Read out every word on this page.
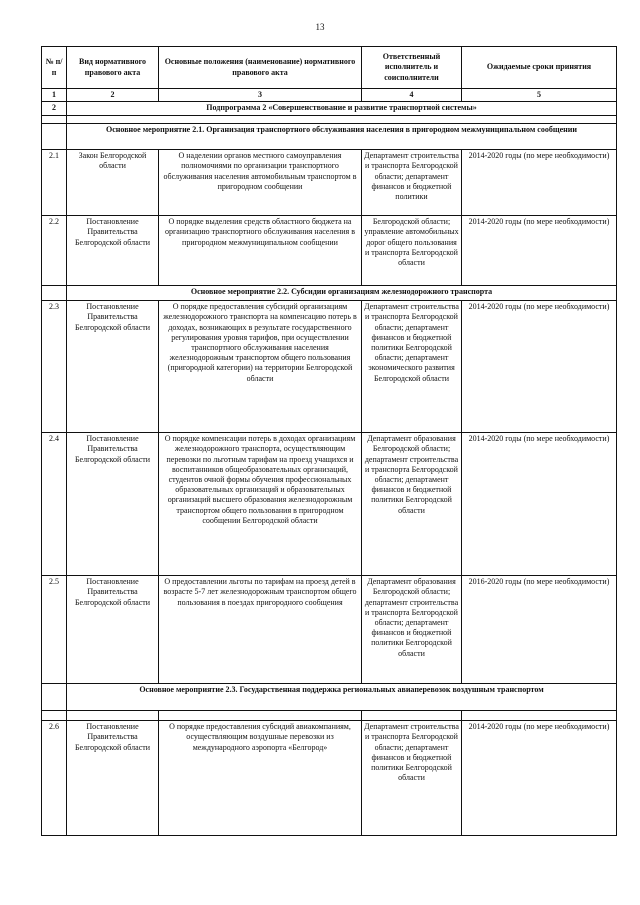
13
№ п/п	Вид нормативного правового акта	Основные положения (наименование) нормативного правового акта	Ответственный исполнитель и соисполнители	Ожидаемые сроки принятия
1	2	3	4	5
2	Подпрограмма 2 «Совершенствование и развитие транспортной системы»			

	Основное мероприятие 2.1. Организация транспортного обслуживания населения в пригородном межмуниципальном сообщении			
2.1	Закон Белгородской области	О наделении органов местного самоуправления полномочиями по организации транспортного обслуживания населения автомобильным транспортом в пригородном сообщении	Департамент строительства и транспорта Белгородской области; департамент финансов и бюджетной политики	2014-2020 годы (по мере необходимости)
2.2	Постановление Правительства Белгородской области	О порядке выделения средств областного бюджета на организацию транспортного обслуживания населения в пригородном межмуниципальном сообщении	Белгородской области; управление автомобильных дорог общего пользования и транспорта Белгородской области	2014-2020 годы (по мере необходимости)
	Основное мероприятие 2.2. Субсидии организациям железнодорожного транспорта			
2.3	Постановление Правительства Белгородской области	О порядке предоставления субсидий организациям железнодорожного транспорта на компенсацию потерь в доходах, возникающих в результате государственного регулирования уровня тарифов, при осуществлении транспортного обслуживания населения железнодорожным транспортом общего пользования (пригородной категории) на территории Белгородской области	Департамент строительства и транспорта Белгородской области; департамент финансов и бюджетной политики Белгородской области; департамент экономического развития Белгородской области	2014-2020 годы (по мере необходимости)
2.4	Постановление Правительства Белгородской области	О порядке компенсации потерь в доходах организациям железнодорожного транспорта, осуществляющим перевозки по льготным тарифам на проезд учащихся и воспитанников общеобразовательных организаций, студентов очной формы обучения профессиональных образовательных организаций и образовательных организаций высшего образования железнодорожным транспортом общего пользования в пригородном сообщении Белгородской области	Департамент образования Белгородской области; департамент строительства и транспорта Белгородской области; департамент финансов и бюджетной политики Белгородской области	2014-2020 годы (по мере необходимости)
2.5	Постановление Правительства Белгородской области	О предоставлении льготы по тарифам на проезд детей в возрасте 5-7 лет железнодорожным транспортом общего пользования в поездах пригородного сообщения	Департамент образования Белгородской области; департамент строительства и транспорта Белгородской области; департамент финансов и бюджетной политики Белгородской области	2016-2020 годы (по мере необходимости)
	Основное мероприятие 2.3. Государственная поддержка региональных авиаперевозок воздушным транспортом			

2.6	Постановление Правительства Белгородской области	О порядке предоставления субсидий авиакомпаниям, осуществляющим воздушные перевозки из международного аэропорта «Белгород»	Департамент строительства и транспорта Белгородской области; департамент финансов и бюджетной политики Белгородской области	2014-2020 годы (по мере необходимости)
